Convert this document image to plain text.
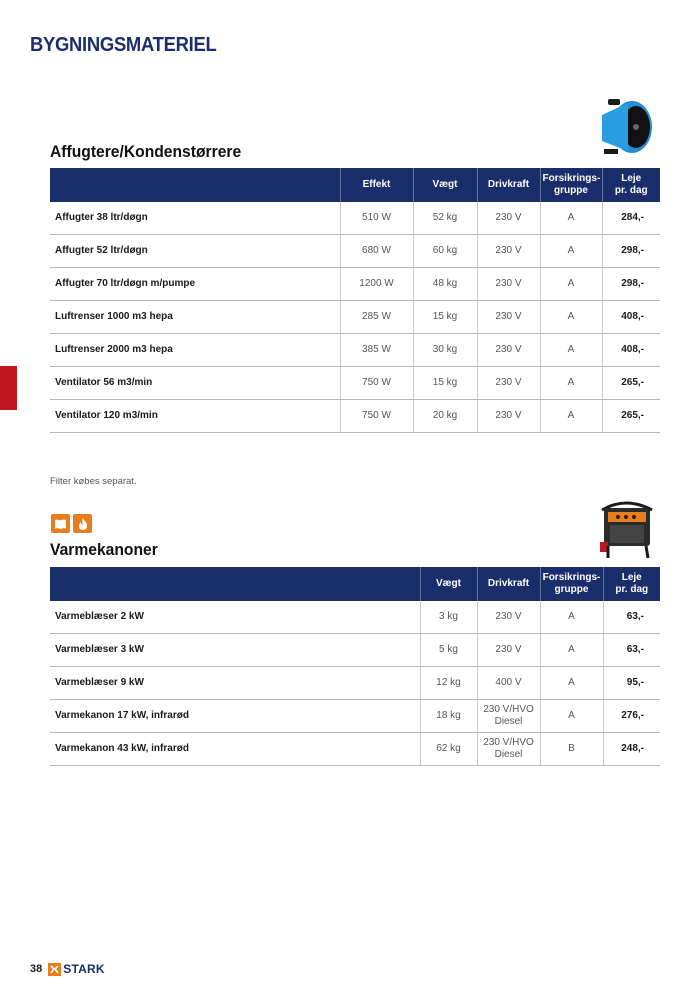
BYGNINGSMATERIEL
Affugtere/Kondenstørrere
	Effekt	Vægt	Drivkraft	Forsikrings-
gruppe	Leje
pr. dag
Affugter 38 ltr/døgn	510 W	52 kg	230 V	A	284,-
Affugter 52 ltr/døgn	680 W	60 kg	230 V	A	298,-
Affugter 70 ltr/døgn m/pumpe	1200 W	48 kg	230 V	A	298,-
Luftrenser 1000 m3 hepa	285 W	15 kg	230 V	A	408,-
Luftrenser 2000 m3 hepa	385 W	30 kg	230 V	A	408,-
Ventilator 56 m3/min	750 W	15 kg	230 V	A	265,-
Ventilator 120 m3/min	750 W	20 kg	230 V	A	265,-
Filter købes separat.
Varmekanoner
	Vægt	Drivkraft	Forsikrings-
gruppe	Leje
pr. dag
Varmeblæser 2 kW	3 kg	230 V	A	63,-
Varmeblæser 3 kW	5 kg	230 V	A	63,-
Varmeblæser 9 kW	12 kg	400 V	A	95,-
Varmekanon 17 kW, infrarød	18 kg	230 V/HVO
Diesel	A	276,-
Varmekanon 43 kW, infrarød	62 kg	230 V/HVO
Diesel	B	248,-
38 STARK
